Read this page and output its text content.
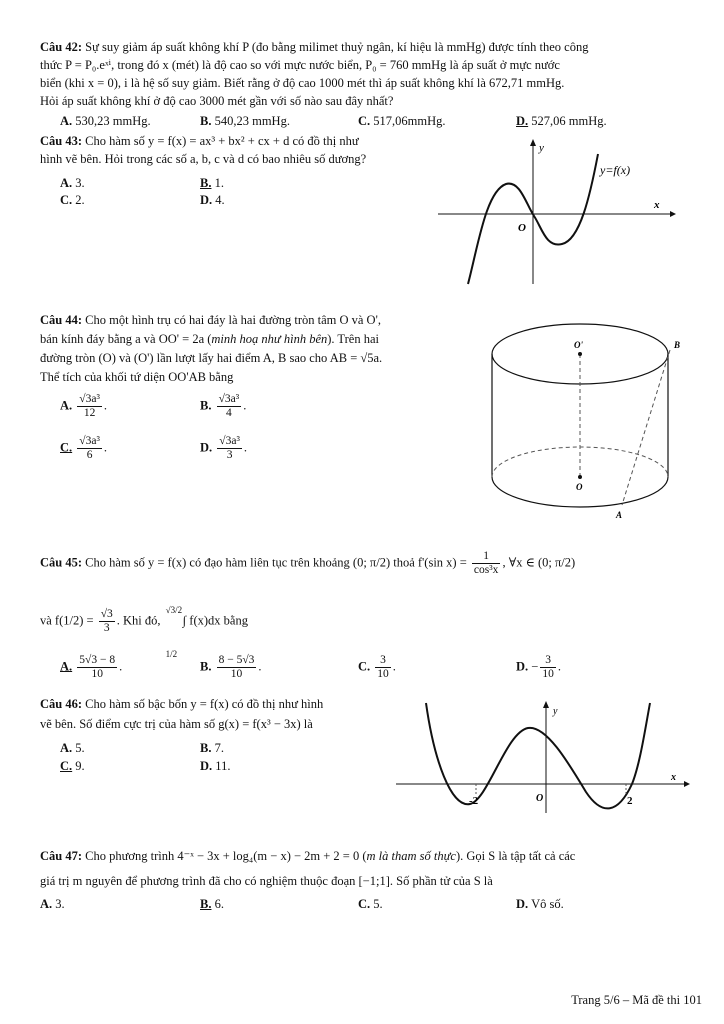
Câu 42: Sự suy giảm áp suất không khí P (đo bằng milimet thuỷ ngân, kí hiệu là mmHg) được tính theo công
thức P = P₀.eˣⁱ, trong đó x (mét) là độ cao so với mực nước biển, P₀ = 760 mmHg là áp suất ở mực nước
biển (khi x = 0), i là hệ số suy giảm. Biết rằng ở độ cao 1000 mét thì áp suất không khí là 672,71 mmHg.
Hỏi áp suất không khí ở độ cao 3000 mét gần với số nào sau đây nhất?
A. 530,23 mmHg.	B. 540,23 mmHg.	C. 517,06mmHg.	D. 527,06 mmHg.
Câu 43: Cho hàm số y = f(x) = ax³ + bx² + cx + d có đồ thị như
hình vẽ bên. Hỏi trong các số a, b, c và d có bao nhiêu số dương?
A. 3.	B. 1.
C. 2.	D. 4.
y
x
O
y=f(x)
Câu 44: Cho một hình trụ có hai đáy là hai đường tròn tâm O và O',
bán kính đáy bằng a và OO' = 2a (minh hoạ như hình bên). Trên hai
đường tròn (O) và (O') lần lượt lấy hai điểm A, B sao cho AB = √5a.
Thể tích của khối tứ diện OO'AB bằng
A. $\frac{\text{√3a³}}{12}$ .	B. $\frac{\text{√3a³}}{4}$ .
C. $\frac{\text{√3a³}}{6}$ .	D. $\frac{\text{√3a³}}{3}$ .
O'
O
B
A
Câu 45: Cho hàm số y = f(x) có đạo hàm liên tục trên khoảng (0; π/2) thoả f'(sin $x) = \frac{1}{\text{cos³x}}$ , ∀x ∈ (0; π/2)
và $f(1/2) = \frac{√3}{3}$ . Khi đó,
√3/2
1/2
∫ f(x)dx bằng
A. $\frac{5√3 - 8}{10}$ .	B. $\frac{8 - 5√3}{10}$ .	C. $\frac{3}{10}$ .	D. − $\frac{3}{10}$ .
Câu 46: Cho hàm số bậc bốn y = f(x) có đồ thị như hình
vẽ bên. Số điểm cực trị của hàm số g(x) = f(x³ − 3x) là
A. 5.	B. 7.
C. 9.	D. 11.
y
x
O
-2	2
Câu 47: Cho phương trình 4⁻ˣ − 3x + log₄(m − x) − 2m + 2 = 0 (m là tham số thực). Gọi S là tập tất cả các
giá trị m nguyên để phương trình đã cho có nghiệm thuộc đoạn [−1;1]. Số phần tử của S là
A. 3.	B. 6.	C. 5.	D. Vô số.
Trang 5/6 – Mã đề thi 101
